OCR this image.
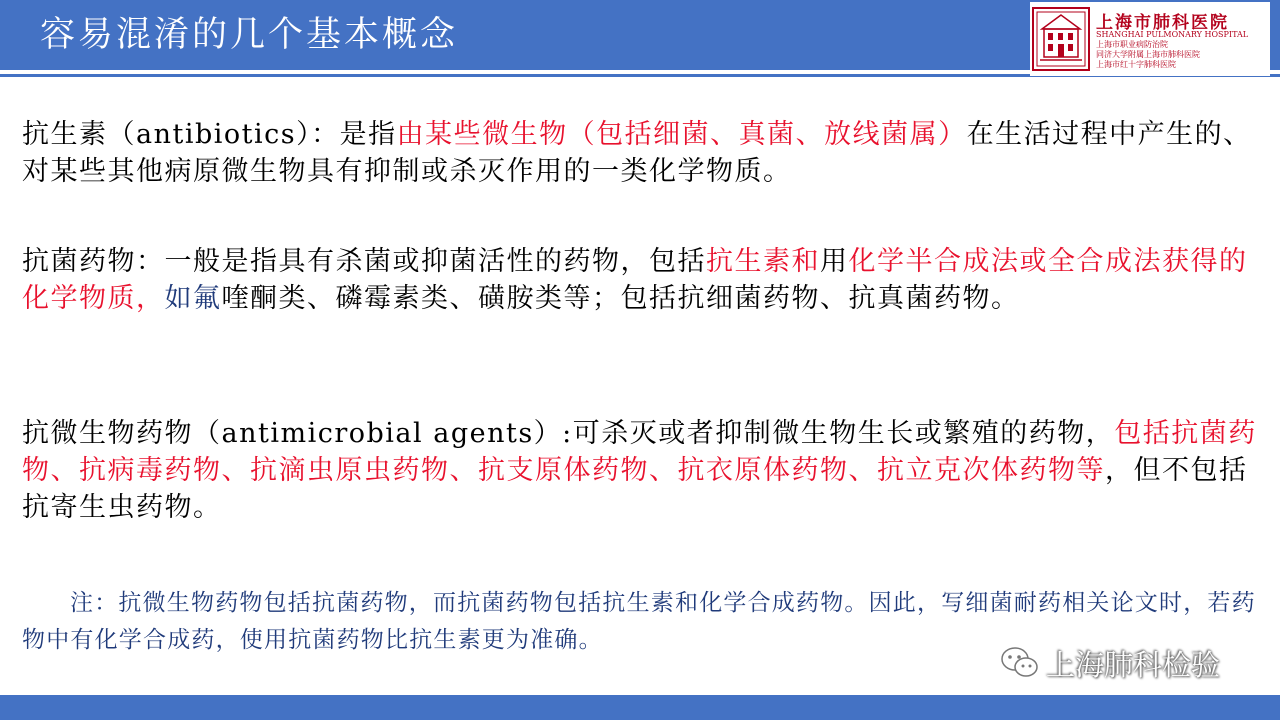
容易混淆的几个基本概念	上海市肺科医院
SHANGHAI PULMONARY HOSPITAL
上海市职业病防治院
同济大学附属上海市肺科医院
上海市红十字肺科医院
抗生素（antibiotics）：是指由某些微生物（包括细菌、真菌、放线菌属）在生活过程中产生的、对某些其他病原微生物具有抑制或杀灭作用的一类化学物质。
抗菌药物：一般是指具有杀菌或抑菌活性的药物，包括抗生素和用化学半合成法或全合成法获得的化学物质，如氟喹酮类、磷霉素类、磺胺类等；包括抗细菌药物、抗真菌药物。
抗微生物药物（antimicrobial agents）:可杀灭或者抑制微生物生长或繁殖的药物，包括抗菌药物、抗病毒药物、抗滴虫原虫药物、抗支原体药物、抗衣原体药物、抗立克次体药物等，但不包括抗寄生虫药物。
注：抗微生物药物包括抗菌药物，而抗菌药物包括抗生素和化学合成药物。因此，写细菌耐药相关论文时，若药物中有化学合成药，使用抗菌药物比抗生素更为准确。
上海肺科检验
